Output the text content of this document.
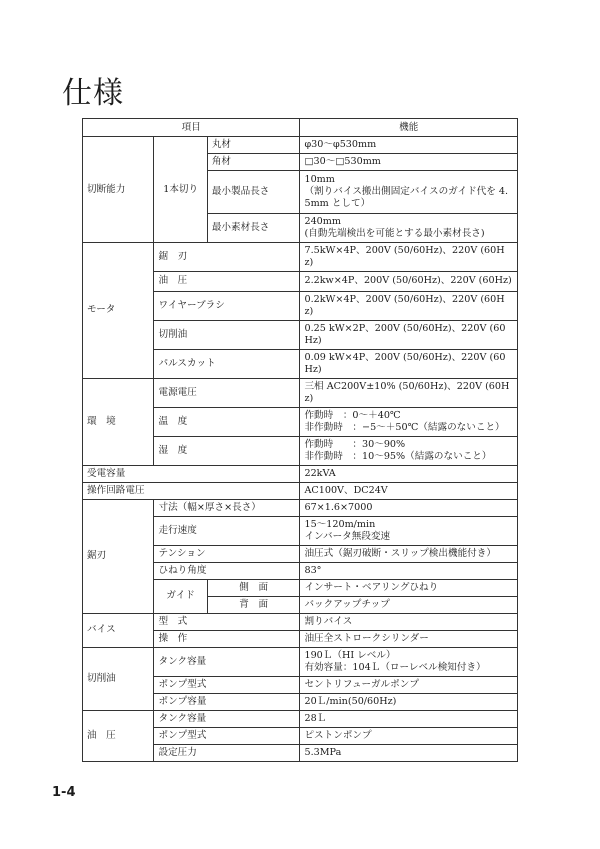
仕様
項目			機能
切断能力	1本切り	丸材	φ30〜φ530mm
		角材	□30〜□530mm
		最小製品長さ	10mm
（割りバイス搬出側固定バイスのガイド代を 4.5mm として）
		最小素材長さ	240mm
(自動先端検出を可能とする最小素材長さ)
モータ	鋸　刃		7.5kW×4P、200V (50/60Hz)、220V (60Hz)
	油　圧		2.2kw×4P、200V (50/60Hz)、220V (60Hz)
	ワイヤーブラシ		0.2kW×4P、200V (50/60Hz)、220V (60Hz)
	切削油		0.25 kW×2P、200V (50/60Hz)、220V (60Hz)
	パルスカット		0.09 kW×4P、200V (50/60Hz)、220V (60Hz)
環　境	電源電圧		三相 AC200V±10% (50/60Hz)、220V (60Hz)
	温　度		作動時　：0〜＋40℃
非作動時　：−5〜＋50℃（結露のないこと）
	湿　度		作動時　　：30〜90%
非作動時　：10〜95%（結露のないこと）
受電容量			22kVA
操作回路電圧			AC100V、DC24V
鋸刃	寸法（幅×厚さ×長さ）		67×1.6×7000
	走行速度		15〜120m/min
インバータ無段変速
	テンション		油圧式（鋸刃破断・スリップ検出機能付き）
	ひねり角度		83°
	ガイド	側　面	インサート・ベアリングひねり
		背　面	バックアップチップ
バイス	型　式		割りバイス
	操　作		油圧全ストロークシリンダー
切削油	タンク容量		190Ｌ（HI レベル）
有効容量：104Ｌ（ローレベル検知付き）
	ポンプ型式		セントリフューガルポンプ
	ポンプ容量		20Ｌ/min(50/60Hz)
油　圧	タンク容量		28Ｌ
	ポンプ型式		ピストンポンプ
	設定圧力		5.3MPa
1-4
